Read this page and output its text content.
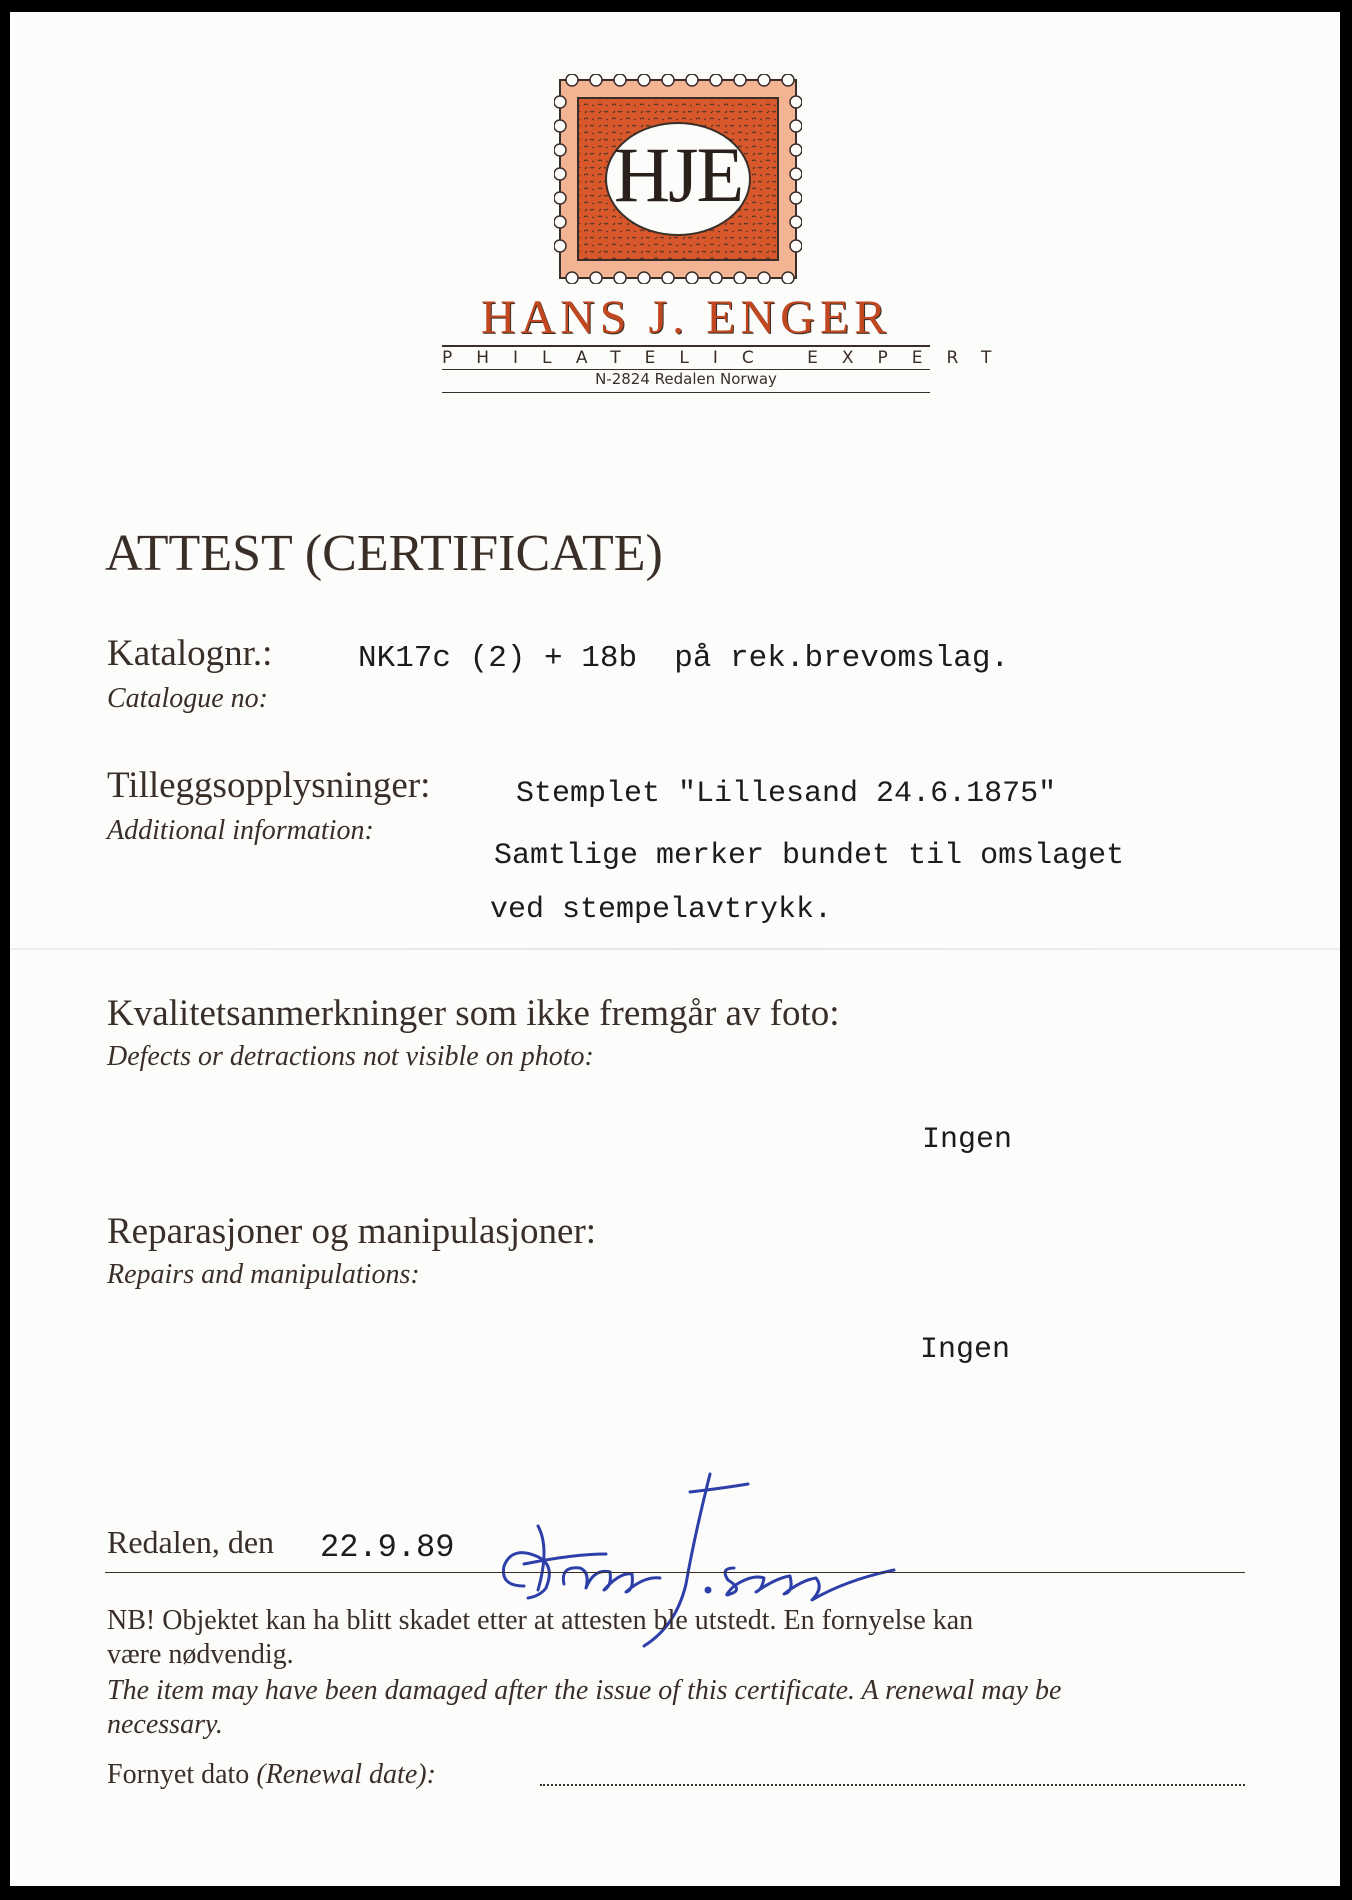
HJE
HANS J. ENGER
PHILATELIC EXPERT
N-2824 Redalen Norway
ATTEST (CERTIFICATE)
Katalognr.:
Catalogue no:
NK17c (2) + 18b  på rek.brevomslag.
Tilleggsopplysninger:
Additional information:
Stemplet "Lillesand 24.6.1875"
Samtlige merker bundet til omslaget
ved stempelavtrykk.
Kvalitetsanmerkninger som ikke fremgår av foto:
Defects or detractions not visible on photo:
Ingen
Reparasjoner og manipulasjoner:
Repairs and manipulations:
Ingen
Redalen, den 22.9.89
NB! Objektet kan ha blitt skadet etter at attesten ble utstedt. En fornyelse kan
være nødvendig.
The item may have been damaged after the issue of this certificate. A renewal may be
necessary.
Fornyet dato (Renewal date):
